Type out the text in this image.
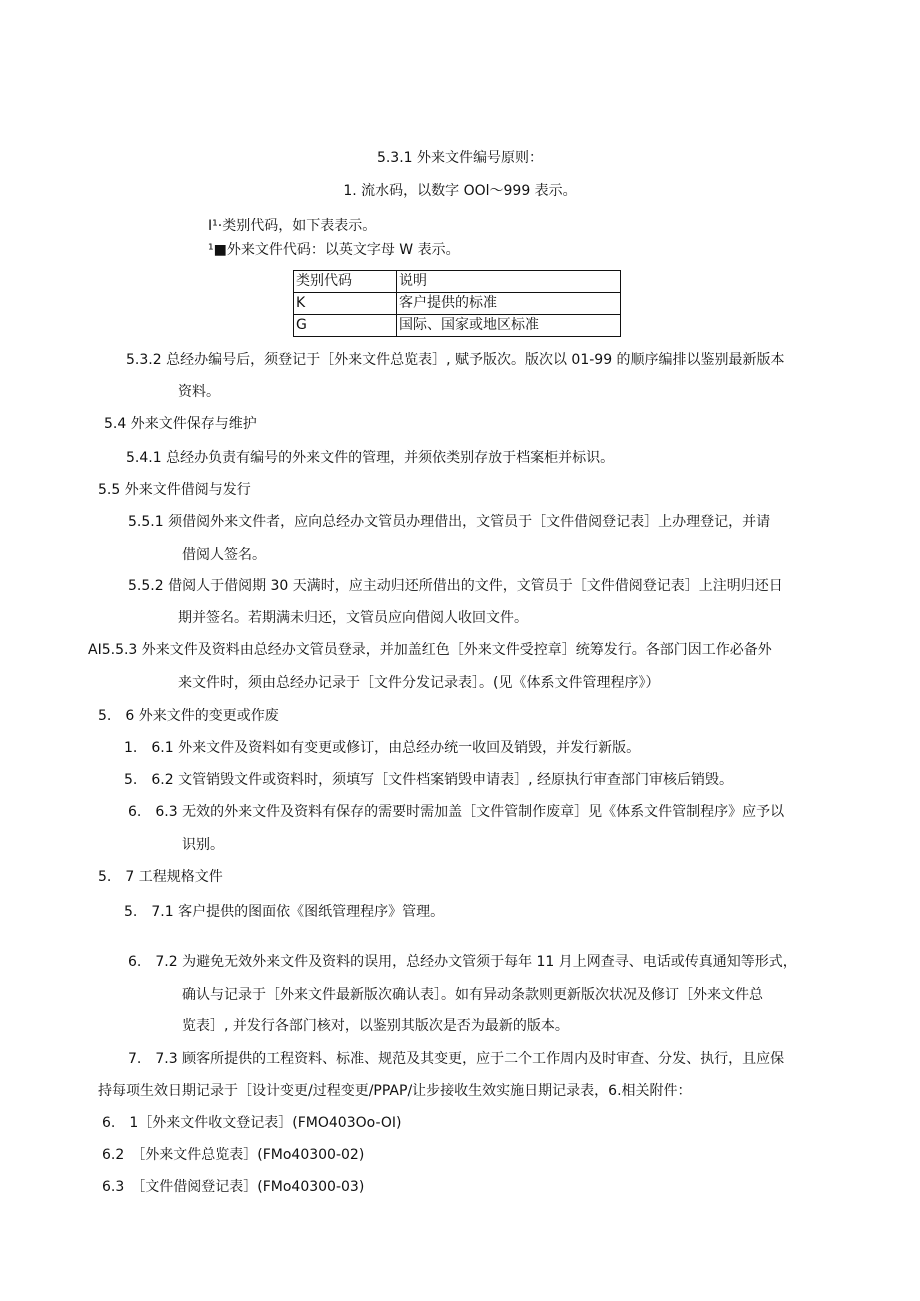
5.3.1 外来文件编号原则：
1. 流水码，以数字 OOl～999 表示。
I¹·类别代码，如下表表示。
¹■外来文件代码：以英文字母 W 表示。
类别代码	说明
K	客户提供的标准
G	国际、国家或地区标准
5.3.2 总经办编号后，须登记于［外来文件总览表］, 赋予版次。版次以 01-99 的顺序编排以鉴别最新版本
资料。
5.4 外来文件保存与维护
5.4.1 总经办负责有编号的外来文件的管理，并须依类别存放于档案柜并标识。
5.5 外来文件借阅与发行
5.5.1 须借阅外来文件者，应向总经办文管员办理借出，文管员于［文件借阅登记表］上办理登记，并请
借阅人签名。
5.5.2 借阅人于借阅期 30 天满时，应主动归还所借出的文件，文管员于［文件借阅登记表］上注明归还日
期并签名。若期满未归还，文管员应向借阅人收回文件。
AI5.5.3 外来文件及资料由总经办文管员登录，并加盖红色［外来文件受控章］统筹发行。各部门因工作必备外
来文件时，须由总经办记录于［文件分发记录表］。(见《体系文件管理程序》）
5.　6 外来文件的变更或作废
1.　6.1 外来文件及资料如有变更或修订，由总经办统一收回及销毁，并发行新版。
5.　6.2 文管销毁文件或资料时，须填写［文件档案销毁申请表］, 经原执行审查部门审核后销毁。
6.　6.3 无效的外来文件及资料有保存的需要时需加盖［文件管制作废章］见《体系文件管制程序》应予以
识别。
5.　7 工程规格文件
5.　7.1 客户提供的图面依《图纸管理程序》管理。
6.　7.2 为避免无效外来文件及资料的误用，总经办文管须于每年 11 月上网查寻、电话或传真通知等形式，
确认与记录于［外来文件最新版次确认表］。如有异动条款则更新版次状况及修订［外来文件总
览表］, 并发行各部门核对，以鉴别其版次是否为最新的版本。
7.　7.3 顾客所提供的工程资料、标准、规范及其变更，应于二个工作周内及时审查、分发、执行，且应保
持每项生效日期记录于［设计变更/过程变更/PPAP/让步接收生效实施日期记录表，6.相关附件：
6.　1［外来文件收文登记表］(FMO403Oo-OI)
6.2　［外来文件总览表］(FMo40300-02)
6.3　［文件借阅登记表］(FMo40300-03)
